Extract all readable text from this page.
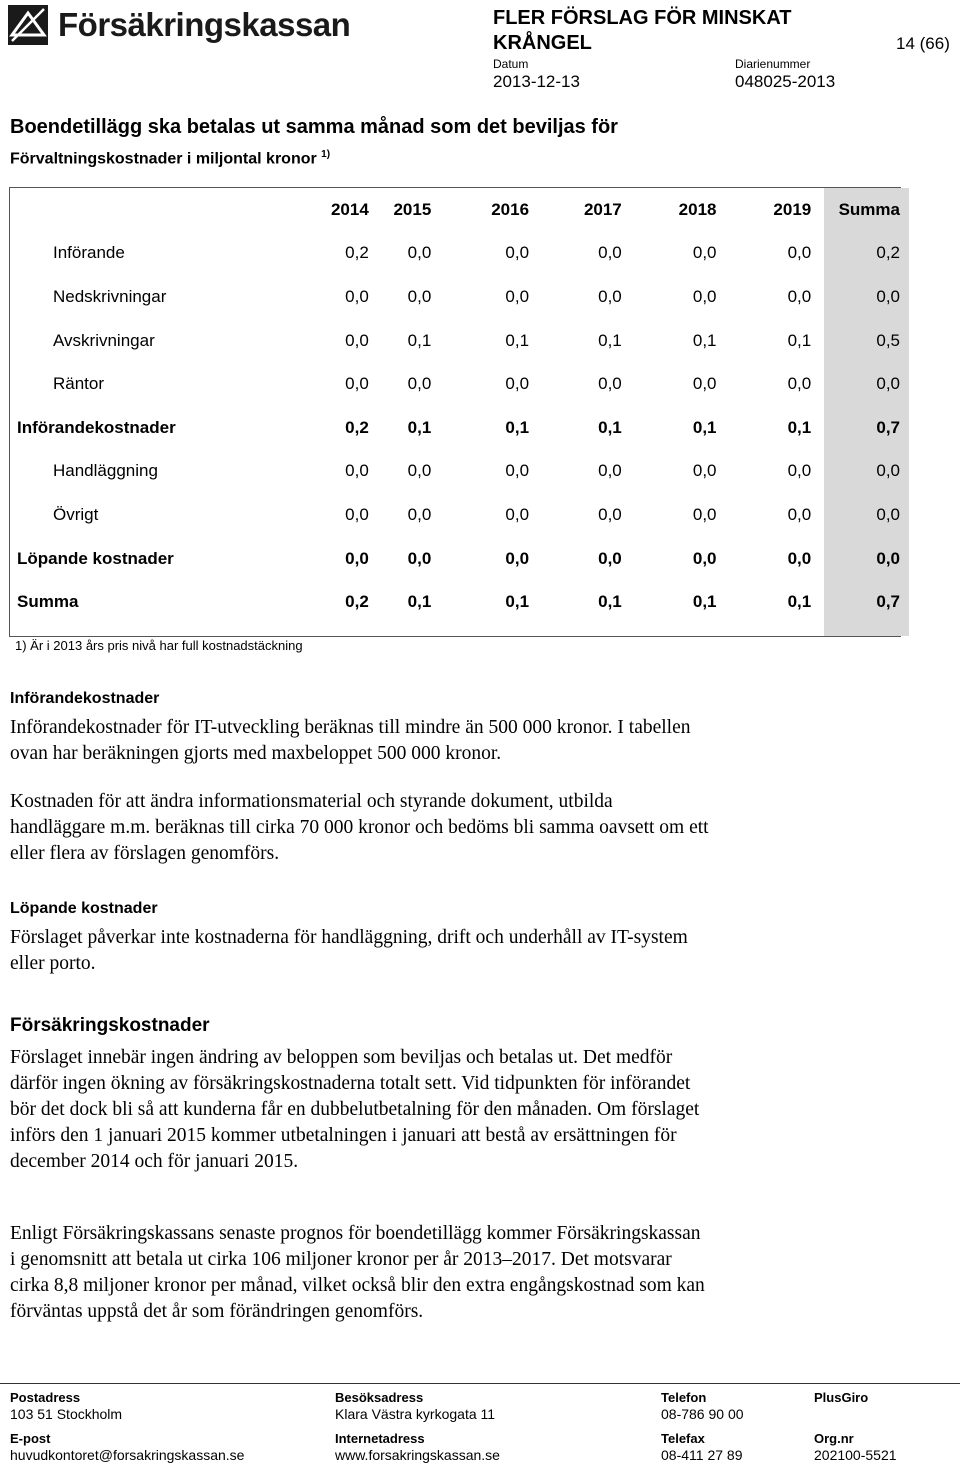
Försäkringskassan	FLER FÖRSLAG FÖR MINSKAT KRÅNGEL	14 (66)
Datum
2013-12-13
Diarienummer
048025-2013
Boendetillägg ska betalas ut samma månad som det beviljas för
Förvaltningskostnader i miljontal kronor $^{1)}$
	2014	2015	2016	2017	2018	2019	Summa
Införande	0,2	0,0	0,0	0,0	0,0	0,0	0,2
Nedskrivningar	0,0	0,0	0,0	0,0	0,0	0,0	0,0
Avskrivningar	0,0	0,1	0,1	0,1	0,1	0,1	0,5
Räntor	0,0	0,0	0,0	0,0	0,0	0,0	0,0
Införandekostnader	0,2	0,1	0,1	0,1	0,1	0,1	0,7
Handläggning	0,0	0,0	0,0	0,0	0,0	0,0	0,0
Övrigt	0,0	0,0	0,0	0,0	0,0	0,0	0,0
Löpande kostnader	0,0	0,0	0,0	0,0	0,0	0,0	0,0
Summa	0,2	0,1	0,1	0,1	0,1	0,1	0,7
1) Är i 2013 års pris nivå har full kostnadstäckning
Införandekostnader
Införandekostnader för IT-utveckling beräknas till mindre än 500 000 kronor. I tabellen ovan har beräkningen gjorts med maxbeloppet 500 000 kronor.
Kostnaden för att ändra informationsmaterial och styrande dokument, utbilda handläggare m.m. beräknas till cirka 70 000 kronor och bedöms bli samma oavsett om ett eller flera av förslagen genomförs.
Löpande kostnader
Förslaget påverkar inte kostnaderna för handläggning, drift och underhåll av IT-system eller porto.
Försäkringskostnader
Förslaget innebär ingen ändring av beloppen som beviljas och betalas ut. Det medför därför ingen ökning av försäkringskostnaderna totalt sett. Vid tidpunkten för införandet bör det dock bli så att kunderna får en dubbelutbetalning för den månaden. Om förslaget införs den 1 januari 2015 kommer utbetalningen i januari att bestå av ersättningen för december 2014 och för januari 2015.
Enligt Försäkringskassans senaste prognos för boendetillägg kommer Försäkringskassan i genomsnitt att betala ut cirka 106 miljoner kronor per år 2013–2017. Det motsvarar cirka 8,8 miljoner kronor per månad, vilket också blir den extra engångskostnad som kan förväntas uppstå det år som förändringen genomförs.
Postadress
103 51 Stockholm
Besöksadress
Klara Västra kyrkogata 11
Telefon
08-786 90 00
PlusGiro
E-post
huvudkontoret@forsakringskassan.se
Internetadress
www.forsakringskassan.se
Telefax
08-411 27 89
Org.nr
202100-5521
